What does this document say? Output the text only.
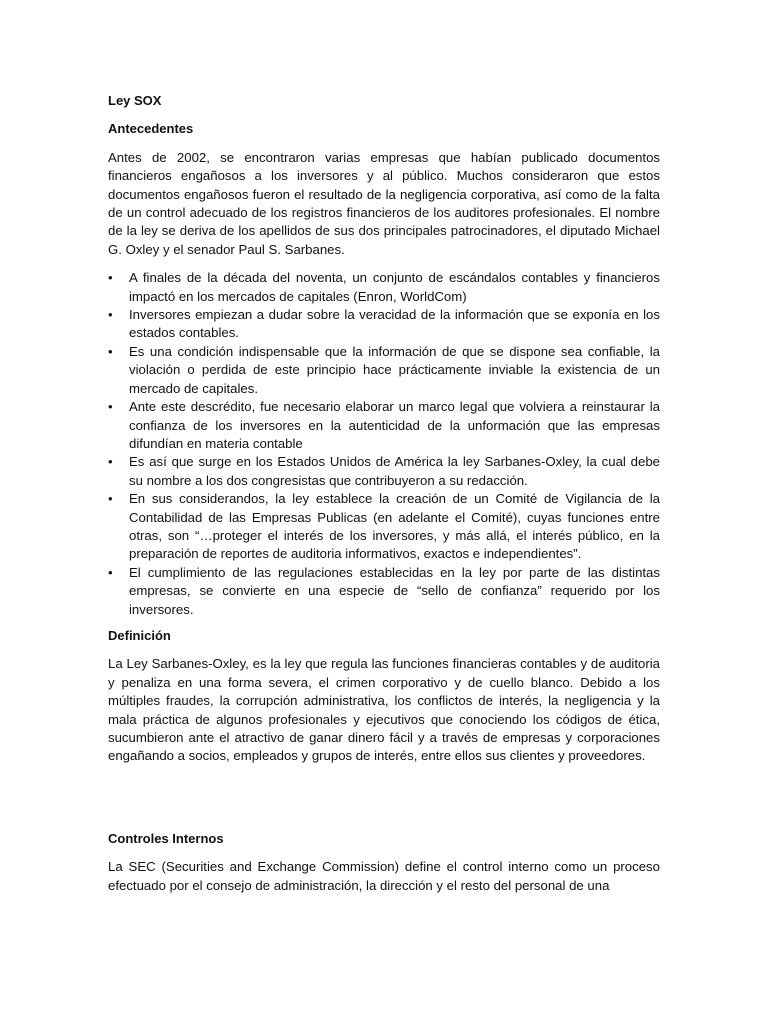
Ley SOX

Antecedentes

Antes de 2002, se encontraron varias empresas que habían publicado documentos financieros engañosos a los inversores y al público. Muchos consideraron que estos documentos engañosos fueron el resultado de la negligencia corporativa, así como de la falta de un control adecuado de los registros financieros de los auditores profesionales. El nombre de la ley se deriva de los apellidos de sus dos principales patrocinadores, el diputado Michael G. Oxley y el senador Paul S. Sarbanes.

• A finales de la década del noventa, un conjunto de escándalos contables y financieros impactó en los mercados de capitales (Enron, WorldCom)
• Inversores empiezan a dudar sobre la veracidad de la información que se exponía en los estados contables.
• Es una condición indispensable que la información de que se dispone sea confiable, la violación o perdida de este principio hace prácticamente inviable la existencia de un mercado de capitales.
• Ante este descrédito, fue necesario elaborar un marco legal que volviera a reinstaurar la confianza de los inversores en la autenticidad de la unformación que las empresas difundían en materia contable
• Es así que surge en los Estados Unidos de América la ley Sarbanes-Oxley, la cual debe su nombre a los dos congresistas que contribuyeron a su redacción.
• En sus considerandos, la ley establece la creación de un Comité de Vigilancia de la Contabilidad de las Empresas Publicas (en adelante el Comité), cuyas funciones entre otras, son “…proteger el interés de los inversores, y más allá, el interés público, en la preparación de reportes de auditoria informativos, exactos e independientes”.
• El cumplimiento de las regulaciones establecidas en la ley por parte de las distintas empresas, se convierte en una especie de “sello de confianza” requerido por los inversores.

Definición

La Ley Sarbanes-Oxley, es la ley que regula las funciones financieras contables y de auditoria y penaliza en una forma severa, el crimen corporativo y de cuello blanco. Debido a los múltiples fraudes, la corrupción administrativa, los conflictos de interés, la negligencia y la mala práctica de algunos profesionales y ejecutivos que conociendo los códigos de ética, sucumbieron ante el atractivo de ganar dinero fácil y a través de empresas y corporaciones engañando a socios, empleados y grupos de interés, entre ellos sus clientes y proveedores.

Controles Internos

La SEC (Securities and Exchange Commission) define el control interno como un proceso efectuado por el consejo de administración, la dirección y el resto del personal de una
